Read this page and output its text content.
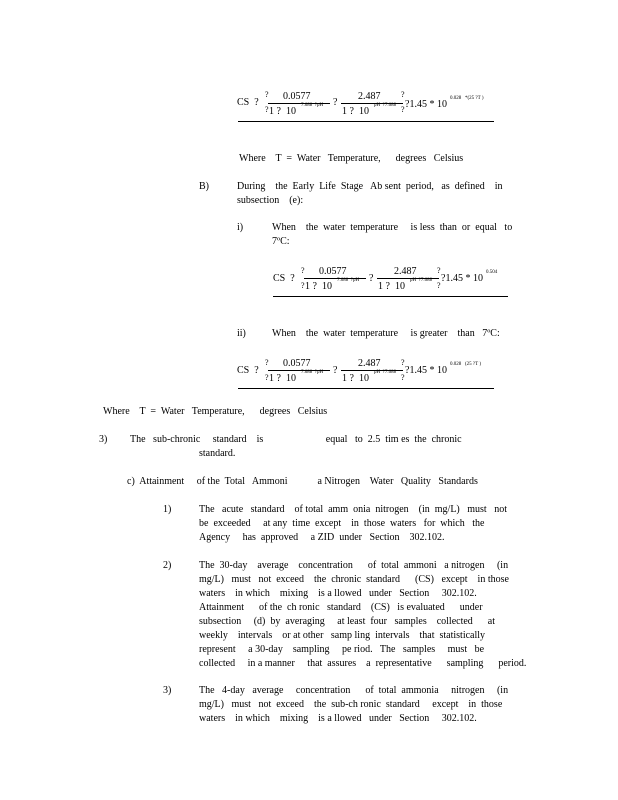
CS  ?
?
?
0.0577
1 ?  10
7.688  ?pH ?
2.487
1 ?  10
pH  ?7.688
?
? ?1.45 * 10
0.028   *(25 ?T )
Where    T  =  Water   Temperature,      degrees   Celsius
B)	During    the  Early  Life  Stage   Ab sent  period,   as  defined    in
subsection    (e):
i)	When    the  water  temperature     is less  than  or  equal   to
7ºC:
CS  ?
?
?
0.0577
1 ?  10
7.688  ?pH ?
2.487
1 ?  10
pH  ?7.688
?
?
?1.45 * 10
0.504
ii)	When    the  water  temperature     is greater    than   7ºC:
CS  ?
?
?
0.0577
1 ?  10
7.688  ?pH ?
2.487
1 ?  10
pH  ?7.688
?
?
?1.45 * 10
0.028   (25 ?T )
Where    T  =  Water   Temperature,      degrees   Celsius
3) The   sub-chronic     standard    is                         equal   to  2.5  tim es  the  chronic
standard.
c)  Attainment     of the  Total   Ammoni            a Nitrogen    Water   Quality   Standards
1)	The   acute   standard    of total  amm  onia  nitrogen    (in  mg/L)   must   not
be  exceeded     at any  time  except    in  those  waters   for  which   the
Agency     has  approved     a ZID  under   Section    302.102.
2)	The  30-day    average    concentration      of  total  ammoni   a nitrogen     (in
mg/L)   must   not  exceed    the  chronic  standard      (CS)   except    in those
waters    in which    mixing    is a llowed   under   Section     302.102.
Attainment      of the  ch ronic   standard    (CS)   is evaluated      under
subsection     (d)  by  averaging     at least  four   samples    collected      at
weekly    intervals    or at other   samp ling  intervals    that  statistically
represent     a 30-day    sampling     pe riod.   The   samples     must   be
collected     in a manner     that  assures    a  representative      sampling      period.
3)	The   4-day   average     concentration      of  total  ammonia     nitrogen     (in
mg/L)   must   not  exceed    the  sub-ch ronic  standard     except    in  those
waters    in which    mixing    is a llowed   under   Section     302.102.
